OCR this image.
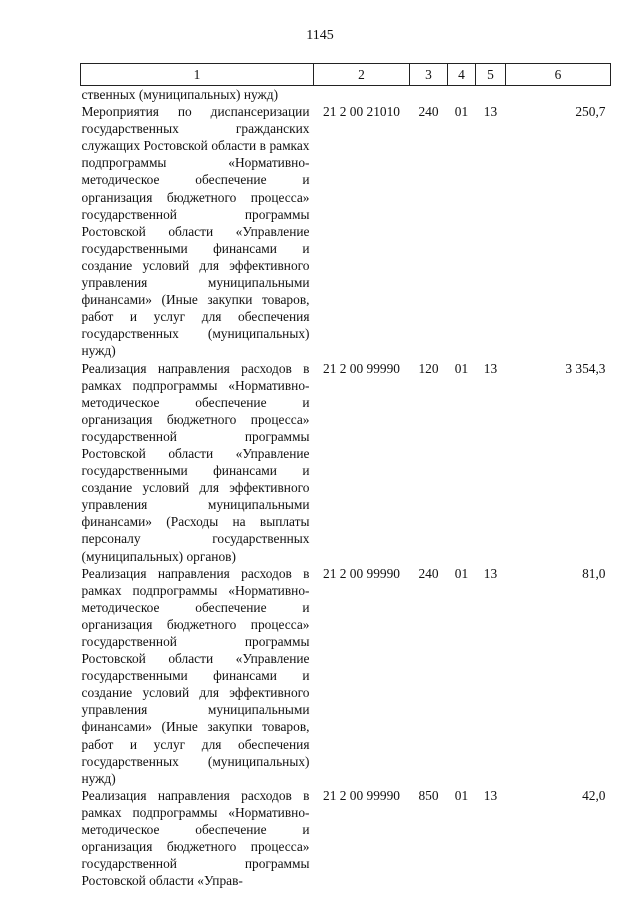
1145
1	2	3	4	5	6
ственных (муниципальных) нужд)					
Мероприятия по диспансеризации государственных гражданских служащих Ростовской области в рамках подпрограммы «Нормативно-методическое обеспечение и организация бюджетного процесса» государственной программы Ростовской области «Управление государственными финансами и создание условий для эффективного управления муниципальными финансами» (Иные закупки товаров, работ и услуг для обеспечения государственных (муниципальных) нужд)	21 2 00 21010	240	01	13	250,7
Реализация направления расходов в рамках подпрограммы «Нормативно-методическое обеспечение и организация бюджетного процесса» государственной программы Ростовской области «Управление государственными финансами и создание условий для эффективного управления муниципальными финансами» (Расходы на выплаты персоналу государственных (муниципальных) органов)	21 2 00 99990	120	01	13	3 354,3
Реализация направления расходов в рамках подпрограммы «Нормативно-методическое обеспечение и организация бюджетного процесса» государственной программы Ростовской области «Управление государственными финансами и создание условий для эффективного управления муниципальными финансами» (Иные закупки товаров, работ и услуг для обеспечения государственных (муниципальных) нужд)	21 2 00 99990	240	01	13	81,0
Реализация направления расходов в рамках подпрограммы «Нормативно-методическое обеспечение и организация бюджетного процесса» государственной программы Ростовской области «Управ-	21 2 00 99990	850	01	13	42,0
